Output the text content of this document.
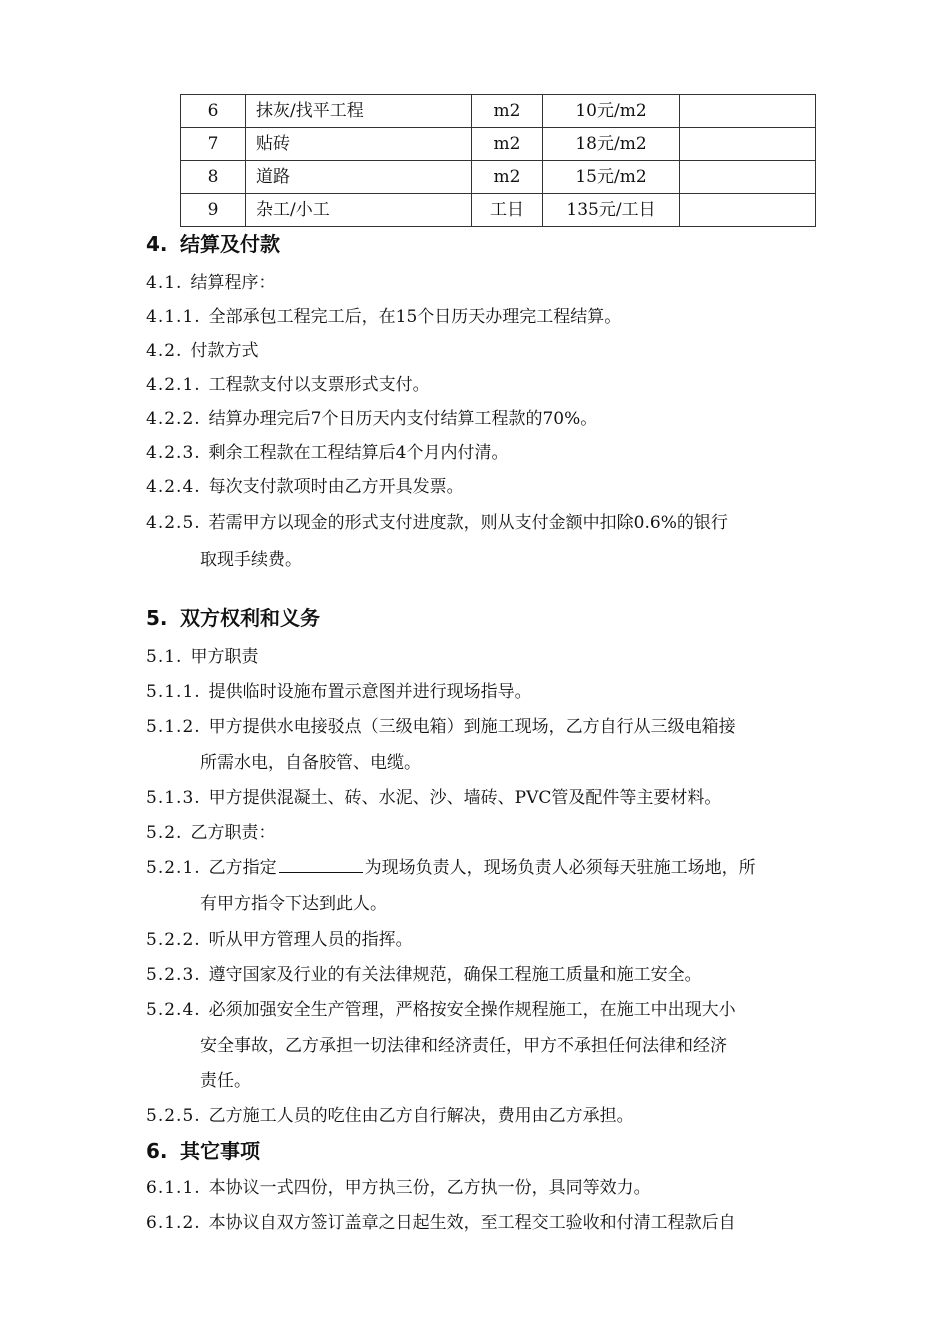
6	抹灰/找平工程	m2	10元/m2	
7	贴砖	m2	18元/m2	
8	道路	m2	15元/m2	
9	杂工/小工	工日	135元/工日	
4. 结算及付款
4.1. 结算程序：
4.1.1. 全部承包工程完工后，在15个日历天办理完工程结算。
4.2. 付款方式
4.2.1. 工程款支付以支票形式支付。
4.2.2. 结算办理完后7个日历天内支付结算工程款的70%。
4.2.3. 剩余工程款在工程结算后4个月内付清。
4.2.4. 每次支付款项时由乙方开具发票。
4.2.5. 若需甲方以现金的形式支付进度款，则从支付金额中扣除0.6%的银行
取现手续费。
5. 双方权利和义务
5.1. 甲方职责
5.1.1. 提供临时设施布置示意图并进行现场指导。
5.1.2. 甲方提供水电接驳点（三级电箱）到施工现场，乙方自行从三级电箱接
所需水电，自备胶管、电缆。
5.1.3. 甲方提供混凝土、砖、水泥、沙、墙砖、PVC管及配件等主要材料。
5.2. 乙方职责：
5.2.1. 乙方指定	为现场负责人，现场负责人必须每天驻施工场地，所
有甲方指令下达到此人。
5.2.2. 听从甲方管理人员的指挥。
5.2.3. 遵守国家及行业的有关法律规范，确保工程施工质量和施工安全。
5.2.4. 必须加强安全生产管理，严格按安全操作规程施工，在施工中出现大小
安全事故，乙方承担一切法律和经济责任，甲方不承担任何法律和经济
责任。
5.2.5. 乙方施工人员的吃住由乙方自行解决，费用由乙方承担。
6. 其它事项
6.1.1. 本协议一式四份，甲方执三份，乙方执一份，具同等效力。
6.1.2. 本协议自双方签订盖章之日起生效，至工程交工验收和付清工程款后自
